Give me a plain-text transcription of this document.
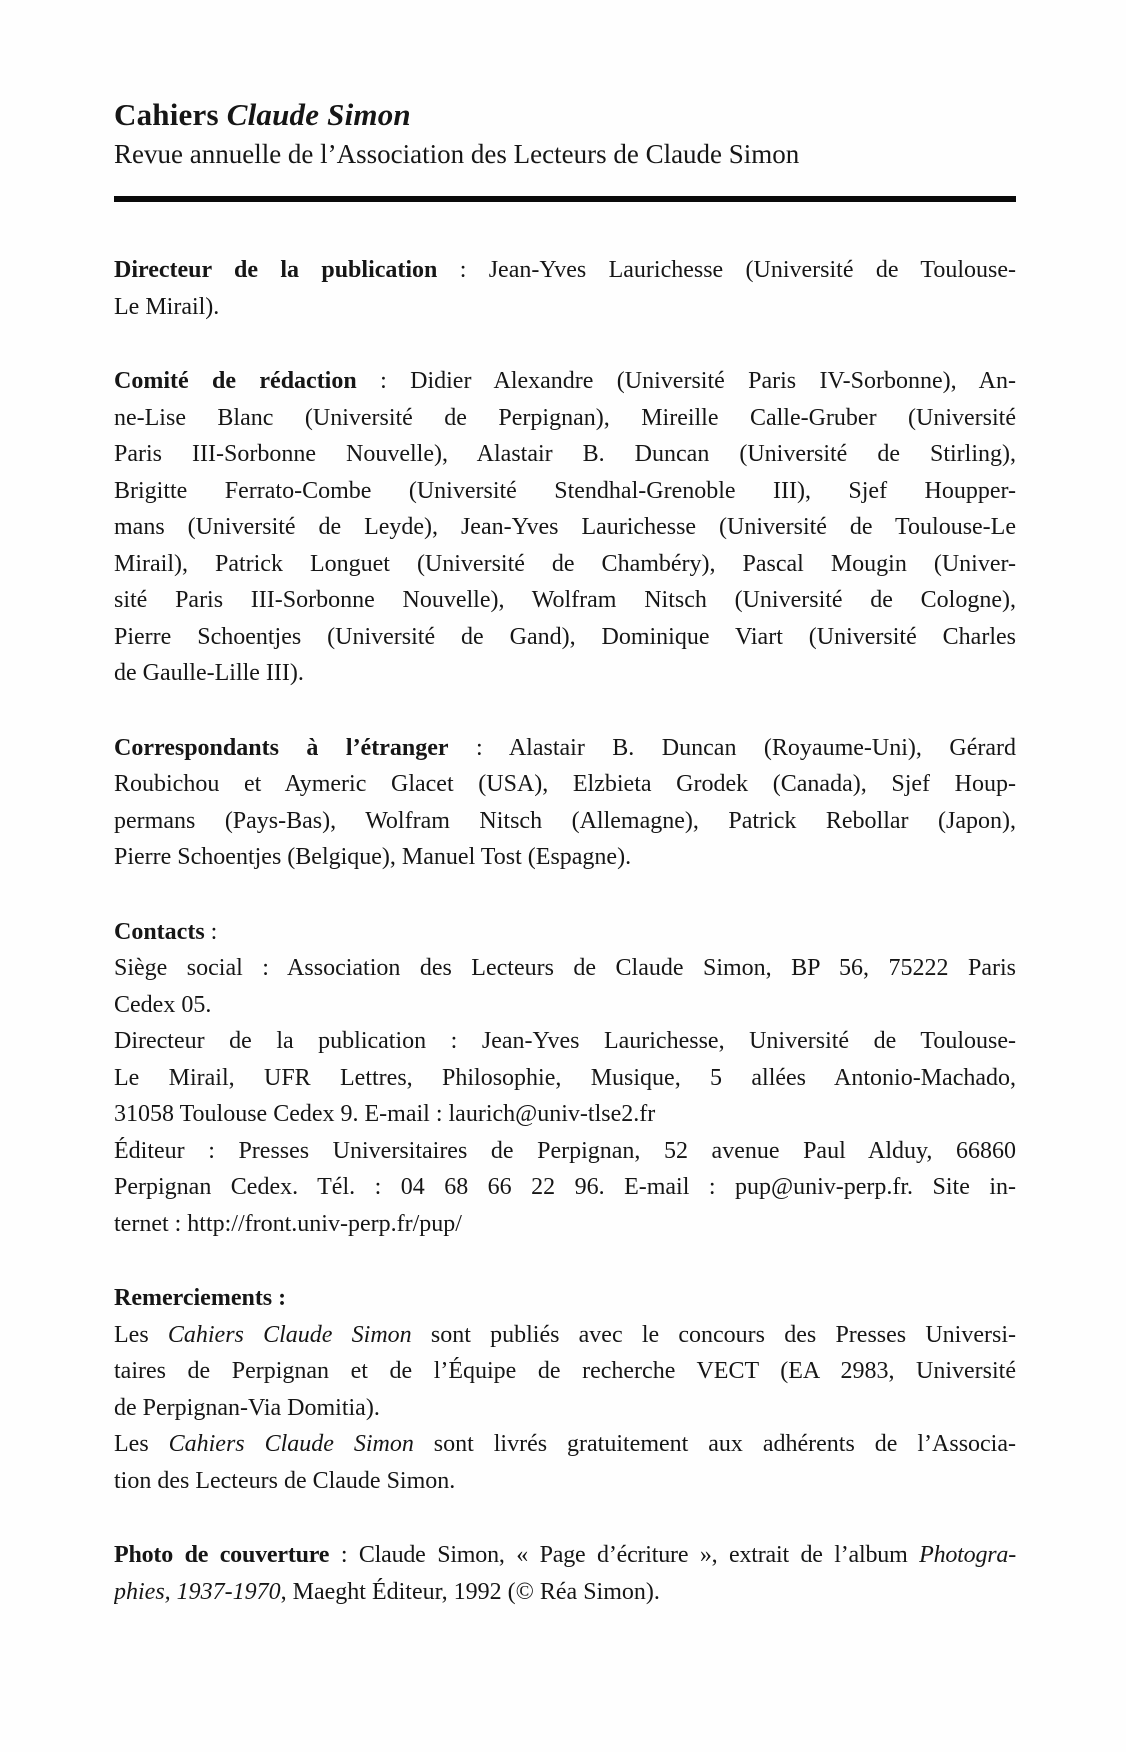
Cahiers Claude Simon
Revue annuelle de l’Association des Lecteurs de Claude Simon

Directeur de la publication : Jean-Yves Laurichesse (Université de Toulouse-
Le Mirail).

Comité de rédaction : Didier Alexandre (Université Paris IV-Sorbonne), An-
ne-Lise Blanc (Université de Perpignan), Mireille Calle-Gruber (Université
Paris III-Sorbonne Nouvelle), Alastair B. Duncan (Université de Stirling),
Brigitte Ferrato-Combe (Université Stendhal-Grenoble III), Sjef Houpper-
mans (Université de Leyde), Jean-Yves Laurichesse (Université de Toulouse-Le
Mirail), Patrick Longuet (Université de Chambéry), Pascal Mougin (Univer-
sité Paris III-Sorbonne Nouvelle), Wolfram Nitsch (Université de Cologne),
Pierre Schoentjes (Université de Gand), Dominique Viart (Université Charles
de Gaulle-Lille III).

Correspondants à l’étranger : Alastair B. Duncan (Royaume-Uni), Gérard
Roubichou et Aymeric Glacet (USA), Elzbieta Grodek (Canada), Sjef Houp-
permans (Pays-Bas), Wolfram Nitsch (Allemagne), Patrick Rebollar (Japon),
Pierre Schoentjes (Belgique), Manuel Tost (Espagne).

Contacts :
Siège social : Association des Lecteurs de Claude Simon, BP 56, 75222 Paris
Cedex 05.
Directeur de la publication : Jean-Yves Laurichesse, Université de Toulouse-
Le Mirail, UFR Lettres, Philosophie, Musique, 5 allées Antonio-Machado,
31058 Toulouse Cedex 9. E-mail : laurich@univ-tlse2.fr
Éditeur : Presses Universitaires de Perpignan, 52 avenue Paul Alduy, 66860
Perpignan Cedex. Tél. : 04 68 66 22 96. E-mail : pup@univ-perp.fr. Site in-
ternet : http://front.univ-perp.fr/pup/

Remerciements :
Les Cahiers Claude Simon sont publiés avec le concours des Presses Universi-
taires de Perpignan et de l’Équipe de recherche VECT (EA 2983, Université
de Perpignan-Via Domitia).
Les Cahiers Claude Simon sont livrés gratuitement aux adhérents de l’Associa-
tion des Lecteurs de Claude Simon.

Photo de couverture : Claude Simon, « Page d’écriture », extrait de l’album Photogra-
phies, 1937-1970, Maeght Éditeur, 1992 (© Réa Simon).
